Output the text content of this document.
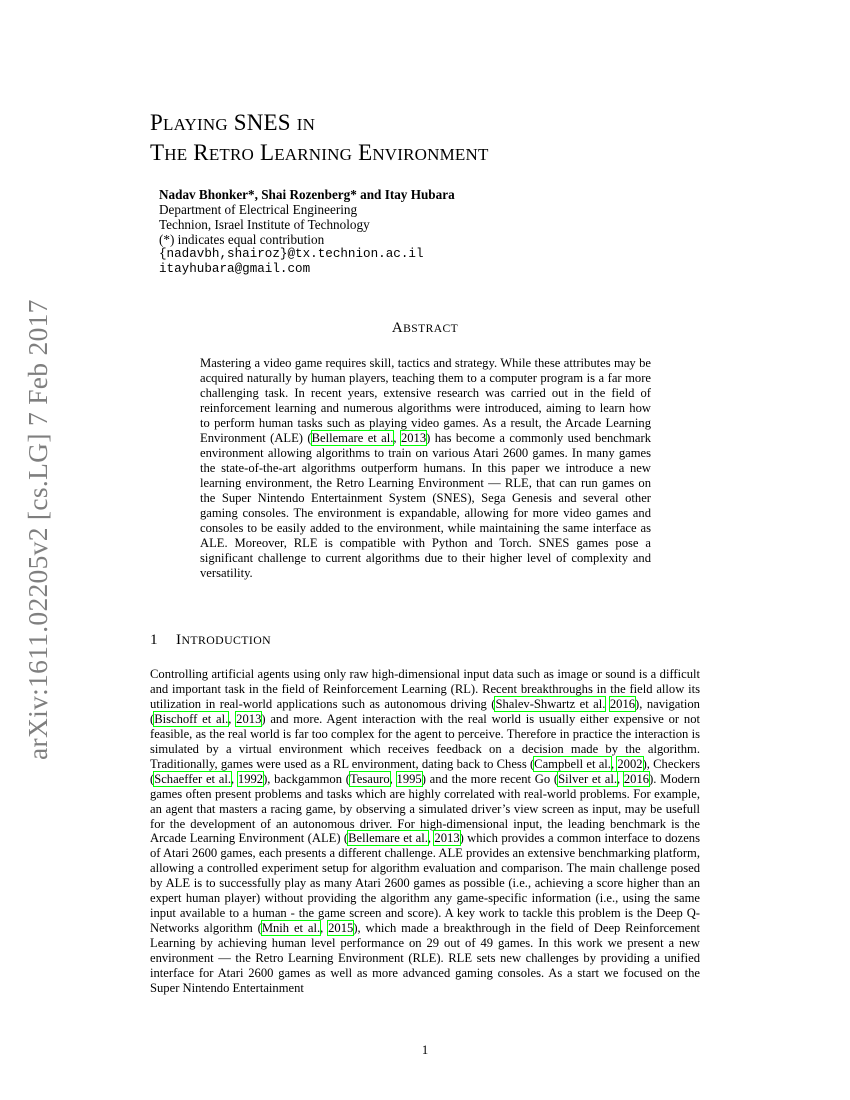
arXiv:1611.02205v2 [cs.LG] 7 Feb 2017
PLAYING SNES IN
THE RETRO LEARNING ENVIRONMENT
Nadav Bhonker*, Shai Rozenberg* and Itay Hubara
Department of Electrical Engineering
Technion, Israel Institute of Technology
(*) indicates equal contribution
{nadavbh,shairoz}@tx.technion.ac.il
itayhubara@gmail.com
ABSTRACT
Mastering a video game requires skill, tactics and strategy. While these attributes may be acquired naturally by human players, teaching them to a computer program is a far more challenging task. In recent years, extensive research was carried out in the field of reinforcement learning and numerous algorithms were introduced, aiming to learn how to perform human tasks such as playing video games. As a result, the Arcade Learning Environment (ALE) (Bellemare et al., 2013) has become a commonly used benchmark environment allowing algorithms to train on various Atari 2600 games. In many games the state-of-the-art algorithms outperform humans. In this paper we introduce a new learning environment, the Retro Learning Environment — RLE, that can run games on the Super Nintendo Entertainment System (SNES), Sega Genesis and several other gaming consoles. The environment is expandable, allowing for more video games and consoles to be easily added to the environment, while maintaining the same interface as ALE. Moreover, RLE is compatible with Python and Torch. SNES games pose a significant challenge to current algorithms due to their higher level of complexity and versatility.
1 INTRODUCTION
Controlling artificial agents using only raw high-dimensional input data such as image or sound is a difficult and important task in the field of Reinforcement Learning (RL). Recent breakthroughs in the field allow its utilization in real-world applications such as autonomous driving (Shalev-Shwartz et al. 2016), navigation (Bischoff et al., 2013) and more. Agent interaction with the real world is usually either expensive or not feasible, as the real world is far too complex for the agent to perceive. Therefore in practice the interaction is simulated by a virtual environment which receives feedback on a decision made by the algorithm. Traditionally, games were used as a RL environment, dating back to Chess (Campbell et al., 2002), Checkers (Schaeffer et al., 1992), backgammon (Tesauro, 1995) and the more recent Go (Silver et al., 2016). Modern games often present problems and tasks which are highly correlated with real-world problems. For example, an agent that masters a racing game, by observing a simulated driver’s view screen as input, may be usefull for the development of an autonomous driver. For high-dimensional input, the leading benchmark is the Arcade Learning Environment (ALE) (Bellemare et al., 2013) which provides a common interface to dozens of Atari 2600 games, each presents a different challenge. ALE provides an extensive benchmarking platform, allowing a controlled experiment setup for algorithm evaluation and comparison. The main challenge posed by ALE is to successfully play as many Atari 2600 games as possible (i.e., achieving a score higher than an expert human player) without providing the algorithm any game-specific information (i.e., using the same input available to a human - the game screen and score). A key work to tackle this problem is the Deep Q-Networks algorithm (Mnih et al., 2015), which made a breakthrough in the field of Deep Reinforcement Learning by achieving human level performance on 29 out of 49 games. In this work we present a new environment — the Retro Learning Environment (RLE). RLE sets new challenges by providing a unified interface for Atari 2600 games as well as more advanced gaming consoles. As a start we focused on the Super Nintendo Entertainment
1
